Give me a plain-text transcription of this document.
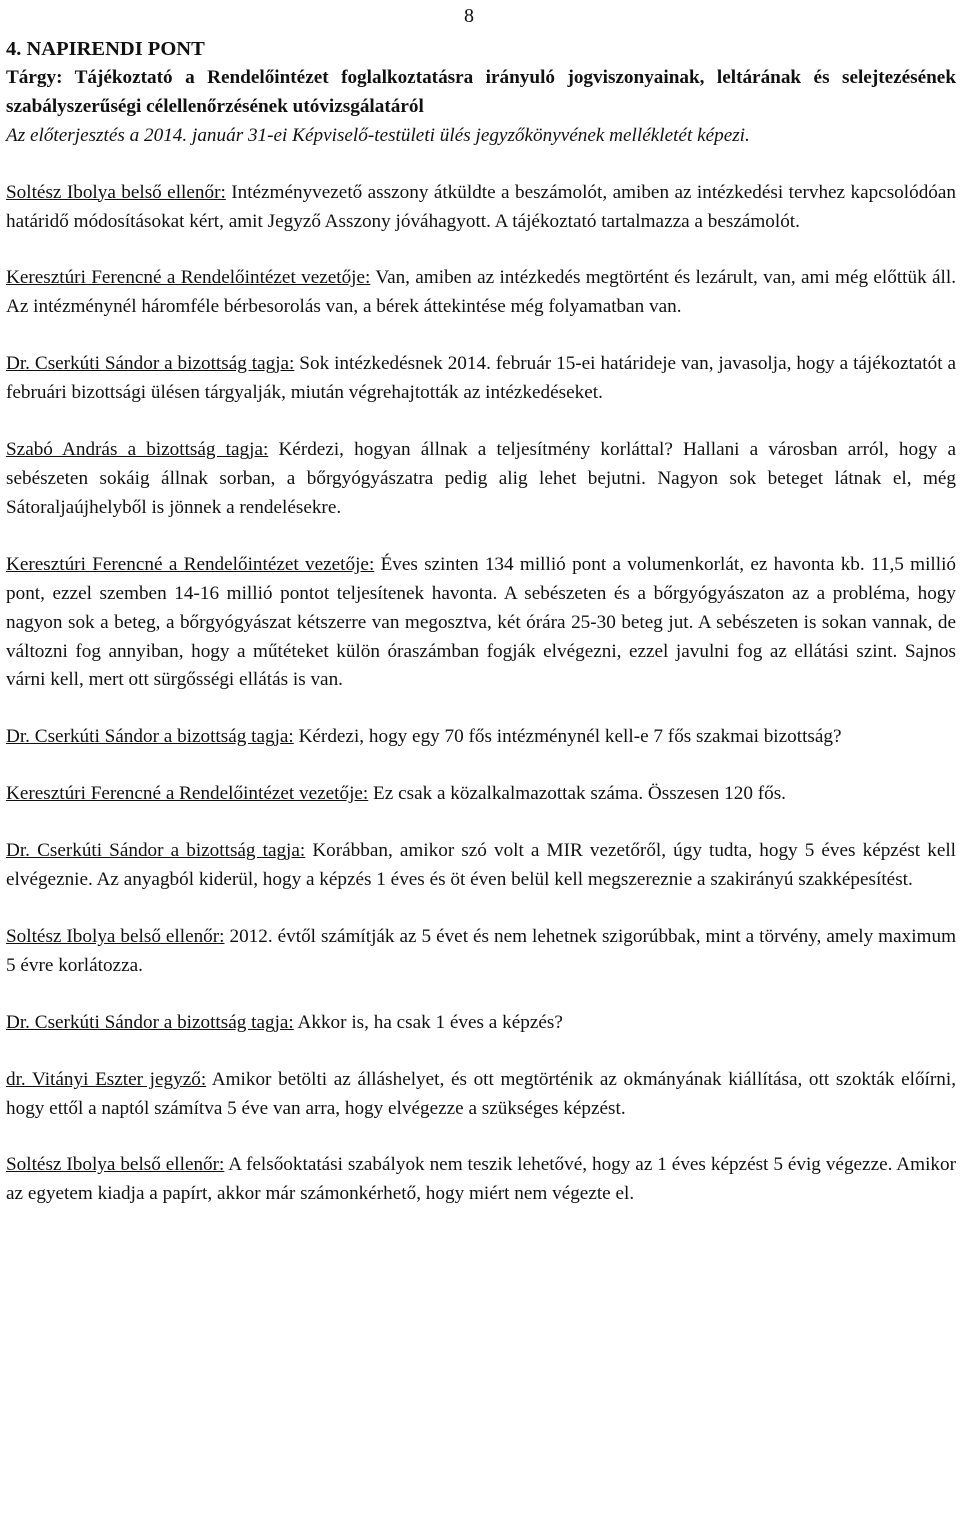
8
4. NAPIRENDI PONT
Tárgy: Tájékoztató a Rendelőintézet foglalkoztatásra irányuló jogviszonyainak, leltárának és selejtezésének szabályszerűségi célellenőrzésének utóvizsgálatáról
Az előterjesztés a 2014. január 31-ei Képviselő-testületi ülés jegyzőkönyvének mellékletét képezi.

Soltész Ibolya belső ellenőr: Intézményvezető asszony átküldte a beszámolót, amiben az intézkedési tervhez kapcsolódóan határidő módosításokat kért, amit Jegyző Asszony jóváhagyott. A tájékoztató tartalmazza a beszámolót.

Keresztúri Ferencné a Rendelőintézet vezetője: Van, amiben az intézkedés megtörtént és lezárult, van, ami még előttük áll. Az intézménynél háromféle bérbesorolás van, a bérek áttekintése még folyamatban van.

Dr. Cserkúti Sándor a bizottság tagja: Sok intézkedésnek 2014. február 15-ei határideje van, javasolja, hogy a tájékoztatót a februári bizottsági ülésen tárgyalják, miután végrehajtották az intézkedéseket.

Szabó András a bizottság tagja: Kérdezi, hogyan állnak a teljesítmény korláttal? Hallani a városban arról, hogy a sebészeten sokáig állnak sorban, a bőrgyógyászatra pedig alig lehet bejutni. Nagyon sok beteget látnak el, még Sátoraljaújhelyből is jönnek a rendelésekre.

Keresztúri Ferencné a Rendelőintézet vezetője: Éves szinten 134 millió pont a volumenkorlát, ez havonta kb. 11,5 millió pont, ezzel szemben 14-16 millió pontot teljesítenek havonta. A sebészeten és a bőrgyógyászaton az a probléma, hogy nagyon sok a beteg, a bőrgyógyászat kétszerre van megosztva, két órára 25-30 beteg jut. A sebészeten is sokan vannak, de változni fog annyiban, hogy a műtéteket külön óraszámban fogják elvégezni, ezzel javulni fog az ellátási szint. Sajnos várni kell, mert ott sürgősségi ellátás is van.

Dr. Cserkúti Sándor a bizottság tagja: Kérdezi, hogy egy 70 fős intézménynél kell-e 7 fős szakmai bizottság?

Keresztúri Ferencné a Rendelőintézet vezetője: Ez csak a közalkalmazottak száma. Összesen 120 fős.

Dr. Cserkúti Sándor a bizottság tagja: Korábban, amikor szó volt a MIR vezetőről, úgy tudta, hogy 5 éves képzést kell elvégeznie. Az anyagból kiderül, hogy a képzés 1 éves és öt éven belül kell megszereznie a szakirányú szakképesítést.

Soltész Ibolya belső ellenőr: 2012. évtől számítják az 5 évet és nem lehetnek szigorúbbak, mint a törvény, amely maximum 5 évre korlátozza.

Dr. Cserkúti Sándor a bizottság tagja: Akkor is, ha csak 1 éves a képzés?

dr. Vitányi Eszter jegyző: Amikor betölti az álláshelyet, és ott megtörténik az okmányának kiállítása, ott szokták előírni, hogy ettől a naptól számítva 5 éve van arra, hogy elvégezze a szükséges képzést.

Soltész Ibolya belső ellenőr: A felsőoktatási szabályok nem teszik lehetővé, hogy az 1 éves képzést 5 évig végezze. Amikor az egyetem kiadja a papírt, akkor már számonkérhető, hogy miért nem végezte el.
